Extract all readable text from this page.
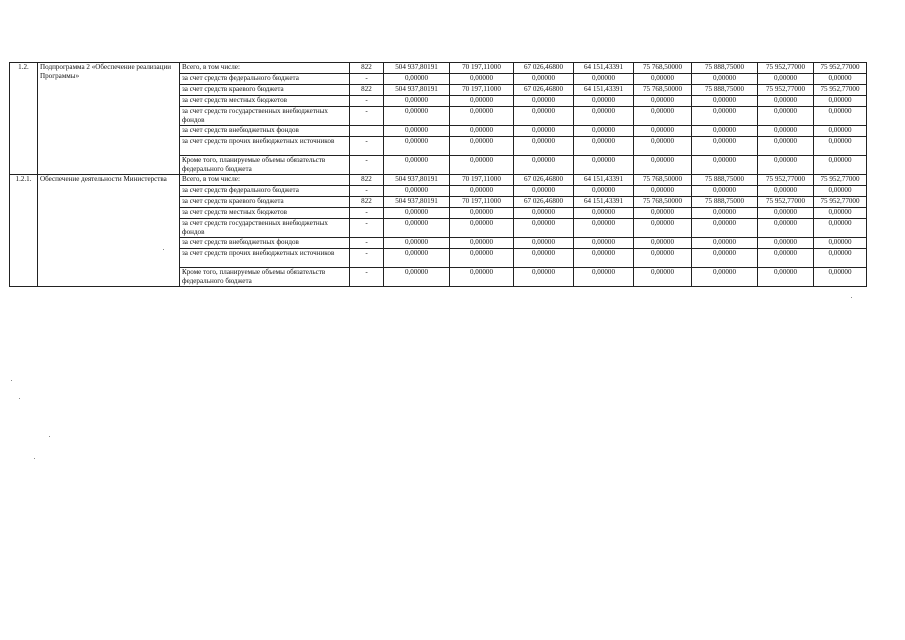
1.2.	Подпрограмма 2 «Обеспечение реализации Программы»	Всего, в том числе:	822	504 937,80191	70 197,11000	67 026,46800	64 151,43391	75 768,50000	75 888,75000	75 952,77000	75 952,77000
		за счет средств федерального бюджета	-	0,00000	0,00000	0,00000	0,00000	0,00000	0,00000	0,00000	0,00000
		за счет средств краевого бюджета	822	504 937,80191	70 197,11000	67 026,46800	64 151,43391	75 768,50000	75 888,75000	75 952,77000	75 952,77000
		за счет средств местных бюджетов	-	0,00000	0,00000	0,00000	0,00000	0,00000	0,00000	0,00000	0,00000
		за счет средств государственных внебюджетных фондов	-	0,00000	0,00000	0,00000	0,00000	0,00000	0,00000	0,00000	0,00000
		за счет средств внебюджетных фондов		0,00000	0,00000	0,00000	0,00000	0,00000	0,00000	0,00000	0,00000
		за счет средств прочих внебюджетных источников	-	0,00000	0,00000	0,00000	0,00000	0,00000	0,00000	0,00000	0,00000
		Кроме того, планируемые объемы обязательств федерального бюджета	-	0,00000	0,00000	0,00000	0,00000	0,00000	0,00000	0,00000	0,00000
1.2.1.	Обеспечение деятельности Министерства	Всего, в том числе:	822	504 937,80191	70 197,11000	67 026,46800	64 151,43391	75 768,50000	75 888,75000	75 952,77000	75 952,77000
		за счет средств федерального бюджета	-	0,00000	0,00000	0,00000	0,00000	0,00000	0,00000	0,00000	0,00000
		за счет средств краевого бюджета	822	504 937,80191	70 197,11000	67 026,46800	64 151,43391	75 768,50000	75 888,75000	75 952,77000	75 952,77000
		за счет средств местных бюджетов	-	0,00000	0,00000	0,00000	0,00000	0,00000	0,00000	0,00000	0,00000
		за счет средств государственных внебюджетных фондов	-	0,00000	0,00000	0,00000	0,00000	0,00000	0,00000	0,00000	0,00000
		за счет средств внебюджетных фондов	-	0,00000	0,00000	0,00000	0,00000	0,00000	0,00000	0,00000	0,00000
		за счет средств прочих внебюджетных источников	-	0,00000	0,00000	0,00000	0,00000	0,00000	0,00000	0,00000	0,00000
		Кроме того, планируемые объемы обязательств федерального бюджета	-	0,00000	0,00000	0,00000	0,00000	0,00000	0,00000	0,00000	0,00000
